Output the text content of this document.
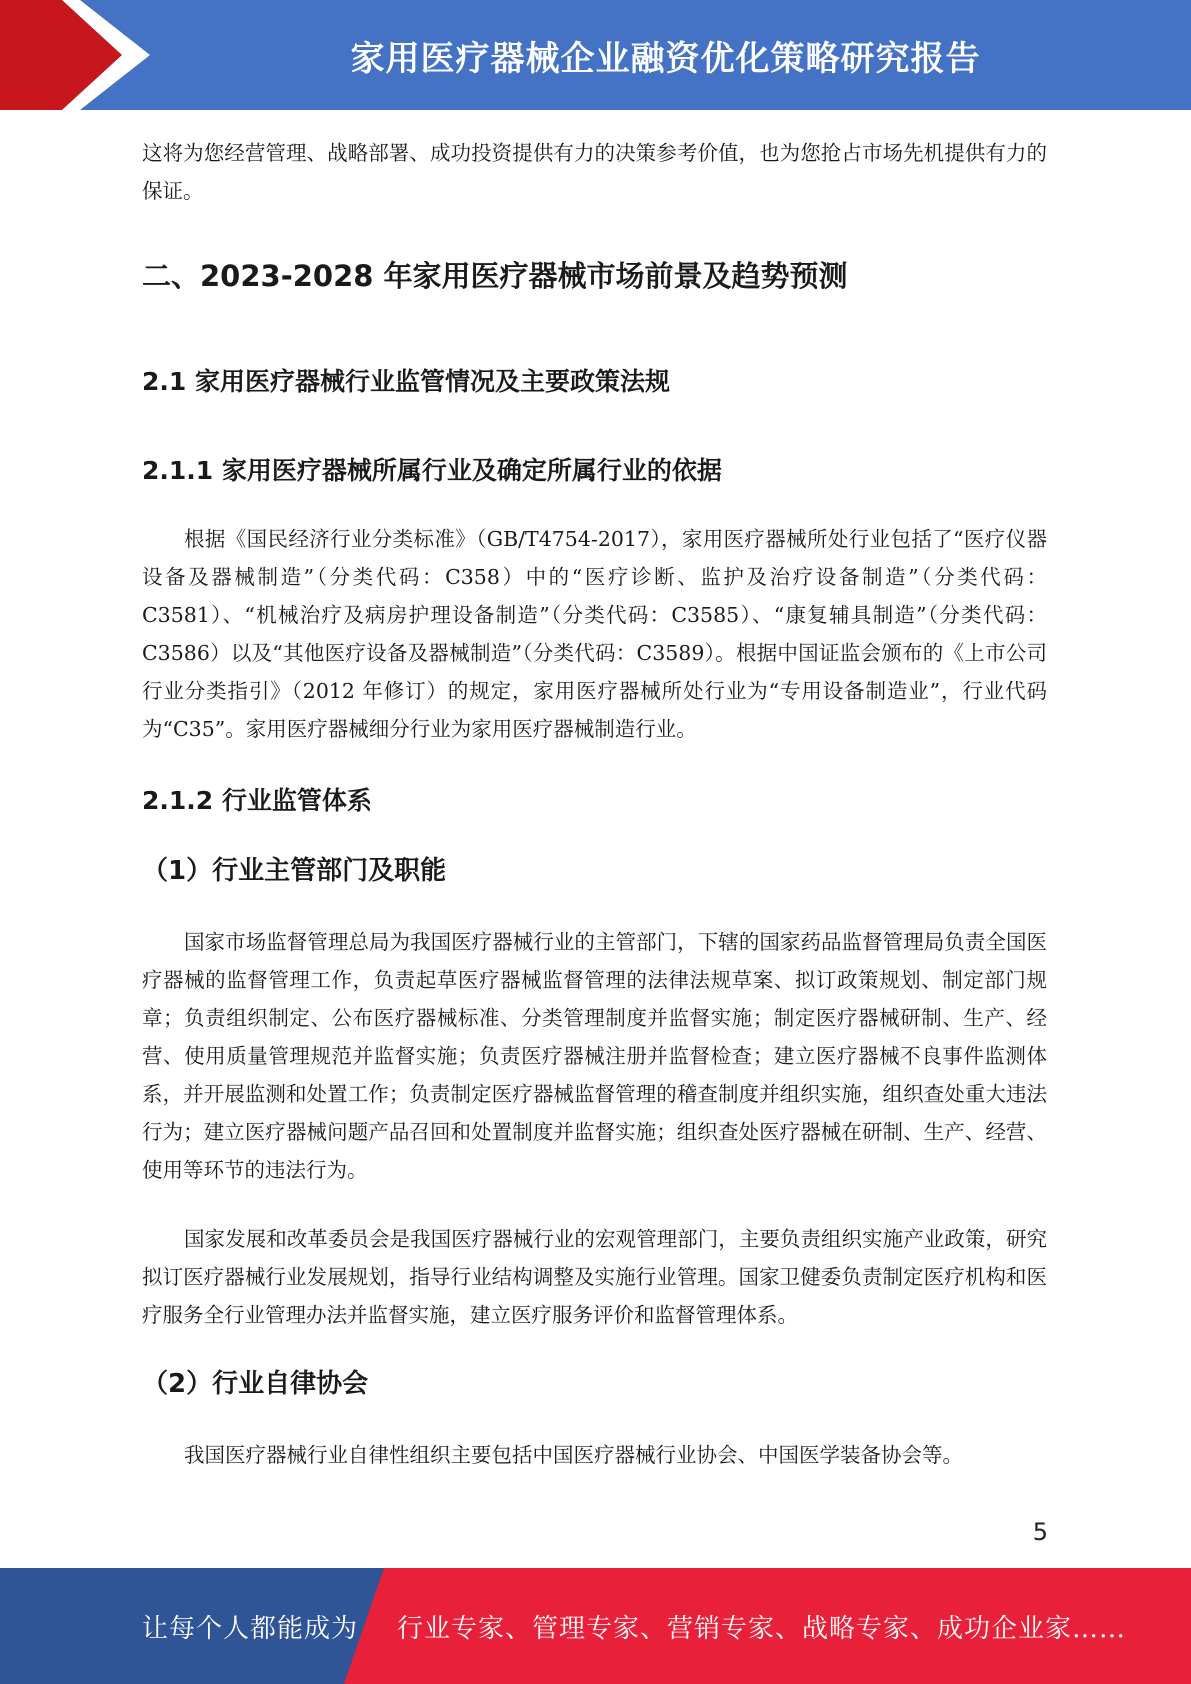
家用医疗器械企业融资优化策略研究报告

这将为您经营管理、战略部署、成功投资提供有力的决策参考价值，也为您抢占市场先机提供有力的保证。

二、2023-2028 年家用医疗器械市场前景及趋势预测
2.1 家用医疗器械行业监管情况及主要政策法规
2.1.1 家用医疗器械所属行业及确定所属行业的依据

根据《国民经济行业分类标准》（GB/T4754-2017），家用医疗器械所处行业包括了“医疗仪器设备及器械制造”（分类代码：C358）中的“医疗诊断、监护及治疗设备制造”（分类代码：C3581）、“机械治疗及病房护理设备制造”（分类代码：C3585）、“康复辅具制造”（分类代码：C3586）以及“其他医疗设备及器械制造”（分类代码：C3589）。根据中国证监会颁布的《上市公司行业分类指引》（2012 年修订）的规定，家用医疗器械所处行业为“专用设备制造业”，行业代码为“C35”。家用医疗器械细分行业为家用医疗器械制造行业。

2.1.2 行业监管体系
（1）行业主管部门及职能

国家市场监督管理总局为我国医疗器械行业的主管部门，下辖的国家药品监督管理局负责全国医疗器械的监督管理工作，负责起草医疗器械监督管理的法律法规草案、拟订政策规划、制定部门规章；负责组织制定、公布医疗器械标准、分类管理制度并监督实施；制定医疗器械研制、生产、经营、使用质量管理规范并监督实施；负责医疗器械注册并监督检查；建立医疗器械不良事件监测体系，并开展监测和处置工作；负责制定医疗器械监督管理的稽查制度并组织实施，组织查处重大违法行为；建立医疗器械问题产品召回和处置制度并监督实施；组织查处医疗器械在研制、生产、经营、使用等环节的违法行为。

国家发展和改革委员会是我国医疗器械行业的宏观管理部门，主要负责组织实施产业政策，研究拟订医疗器械行业发展规划，指导行业结构调整及实施行业管理。国家卫健委负责制定医疗机构和医疗服务全行业管理办法并监督实施，建立医疗服务评价和监督管理体系。

（2）行业自律协会

我国医疗器械行业自律性组织主要包括中国医疗器械行业协会、中国医学装备协会等。

5
让每个人都能成为 行业专家、管理专家、营销专家、战略专家、成功企业家……
